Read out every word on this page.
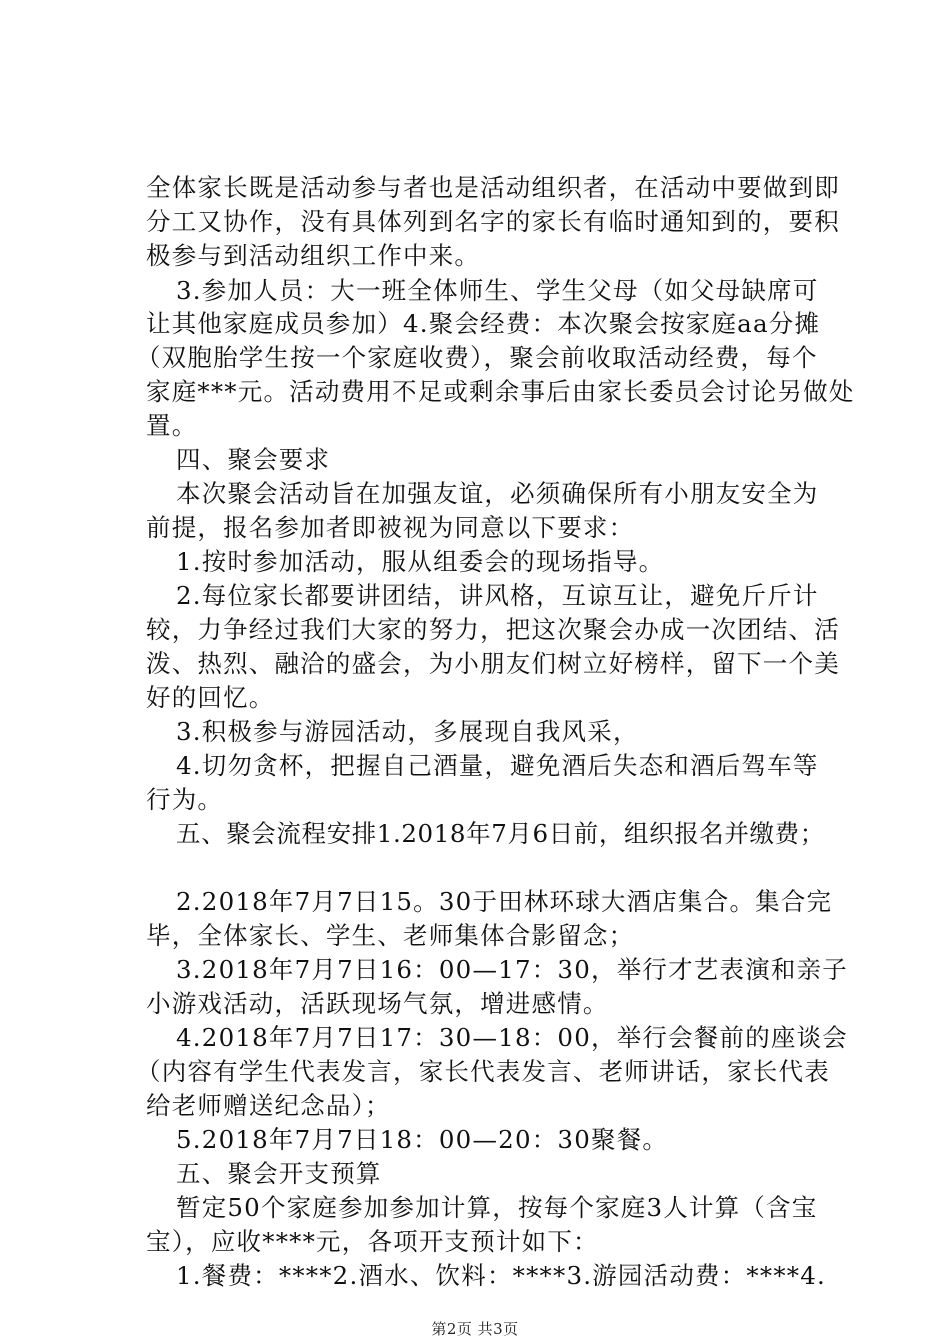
全体家长既是活动参与者也是活动组织者，在活动中要做到即
分工又协作，没有具体列到名字的家长有临时通知到的，要积
极参与到活动组织工作中来。
3.参加人员：大一班全体师生、学生父母（如父母缺席可
让其他家庭成员参加）4.聚会经费：本次聚会按家庭aa分摊
（双胞胎学生按一个家庭收费），聚会前收取活动经费，每个
家庭***元。活动费用不足或剩余事后由家长委员会讨论另做处
置。
四、聚会要求
本次聚会活动旨在加强友谊，必须确保所有小朋友安全为
前提，报名参加者即被视为同意以下要求：
1.按时参加活动，服从组委会的现场指导。
2.每位家长都要讲团结，讲风格，互谅互让，避免斤斤计
较，力争经过我们大家的努力，把这次聚会办成一次团结、活
泼、热烈、融洽的盛会，为小朋友们树立好榜样，留下一个美
好的回忆。
3.积极参与游园活动，多展现自我风采，
4.切勿贪杯，把握自己酒量，避免酒后失态和酒后驾车等
行为。
五、聚会流程安排1.2018年7月6日前，组织报名并缴费；
2.2018年7月7日15。30于田林环球大酒店集合。集合完
毕，全体家长、学生、老师集体合影留念；
3.2018年7月7日16：00—17：30，举行才艺表演和亲子
小游戏活动，活跃现场气氛，增进感情。
4.2018年7月7日17：30—18：00，举行会餐前的座谈会
（内容有学生代表发言，家长代表发言、老师讲话，家长代表
给老师赠送纪念品）；
5.2018年7月7日18：00—20：30聚餐。
五、聚会开支预算
暂定50个家庭参加参加计算，按每个家庭3人计算（含宝
宝），应收****元，各项开支预计如下：
1.餐费：****2.酒水、饮料：****3.游园活动费：****4.
第2页 共3页
